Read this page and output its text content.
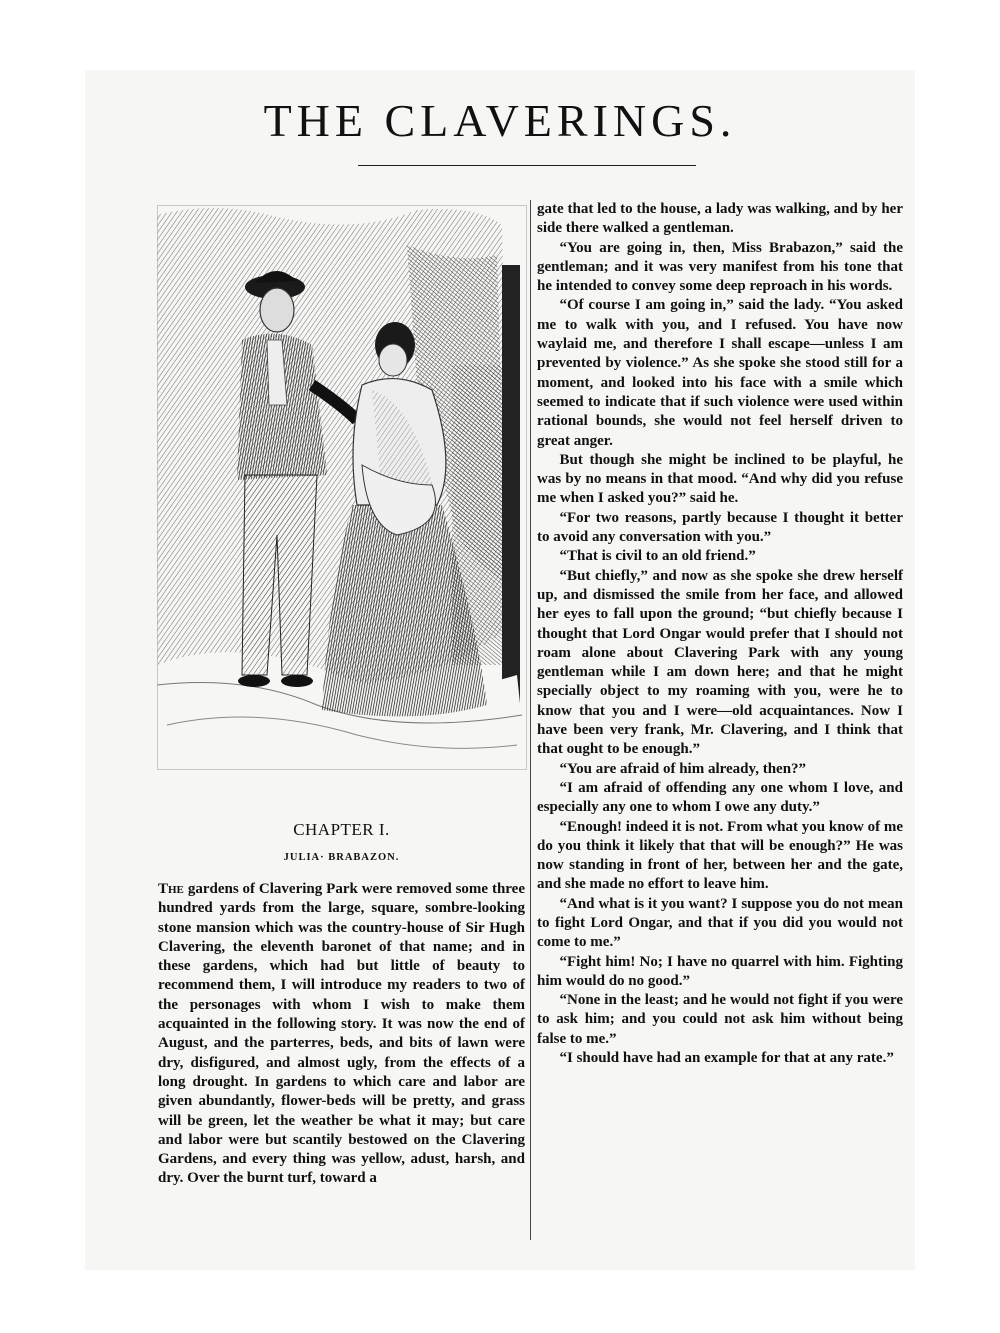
THE CLAVERINGS.
CHAPTER I.
JULIA· BRABAZON.

The gardens of Clavering Park were removed some three hundred yards from the large, square, sombre-looking stone mansion which was the country-house of Sir Hugh Clavering, the eleventh baronet of that name; and in these gardens, which had but little of beauty to recommend them, I will introduce my readers to two of the personages with whom I wish to make them acquainted in the following story. It was now the end of August, and the parterres, beds, and bits of lawn were dry, disfigured, and almost ugly, from the effects of a long drought. In gardens to which care and labor are given abundantly, flower-beds will be pretty, and grass will be green, let the weather be what it may; but care and labor were but scantily bestowed on the Clavering Gardens, and every thing was yellow, adust, harsh, and dry. Over the burnt turf, toward a

gate that led to the house, a lady was walking, and by her side there walked a gentleman.

“You are going in, then, Miss Brabazon,” said the gentleman; and it was very manifest from his tone that he intended to convey some deep reproach in his words.

“Of course I am going in,” said the lady. “You asked me to walk with you, and I refused. You have now waylaid me, and therefore I shall escape—unless I am prevented by violence.” As she spoke she stood still for a moment, and looked into his face with a smile which seemed to indicate that if such violence were used within rational bounds, she would not feel herself driven to great anger.

But though she might be inclined to be playful, he was by no means in that mood. “And why did you refuse me when I asked you?” said he.

“For two reasons, partly because I thought it better to avoid any conversation with you.”

“That is civil to an old friend.”

“But chiefly,” and now as she spoke she drew herself up, and dismissed the smile from her face, and allowed her eyes to fall upon the ground; “but chiefly because I thought that Lord Ongar would prefer that I should not roam alone about Clavering Park with any young gentleman while I am down here; and that he might specially object to my roaming with you, were he to know that you and I were—old acquaintances. Now I have been very frank, Mr. Clavering, and I think that that ought to be enough.”

“You are afraid of him already, then?”

“I am afraid of offending any one whom I love, and especially any one to whom I owe any duty.”

“Enough! indeed it is not. From what you know of me do you think it likely that that will be enough?” He was now standing in front of her, between her and the gate, and she made no effort to leave him.

“And what is it you want? I suppose you do not mean to fight Lord Ongar, and that if you did you would not come to me.”

“Fight him! No; I have no quarrel with him. Fighting him would do no good.”

“None in the least; and he would not fight if you were to ask him; and you could not ask him without being false to me.”

“I should have had an example for that at any rate.”
